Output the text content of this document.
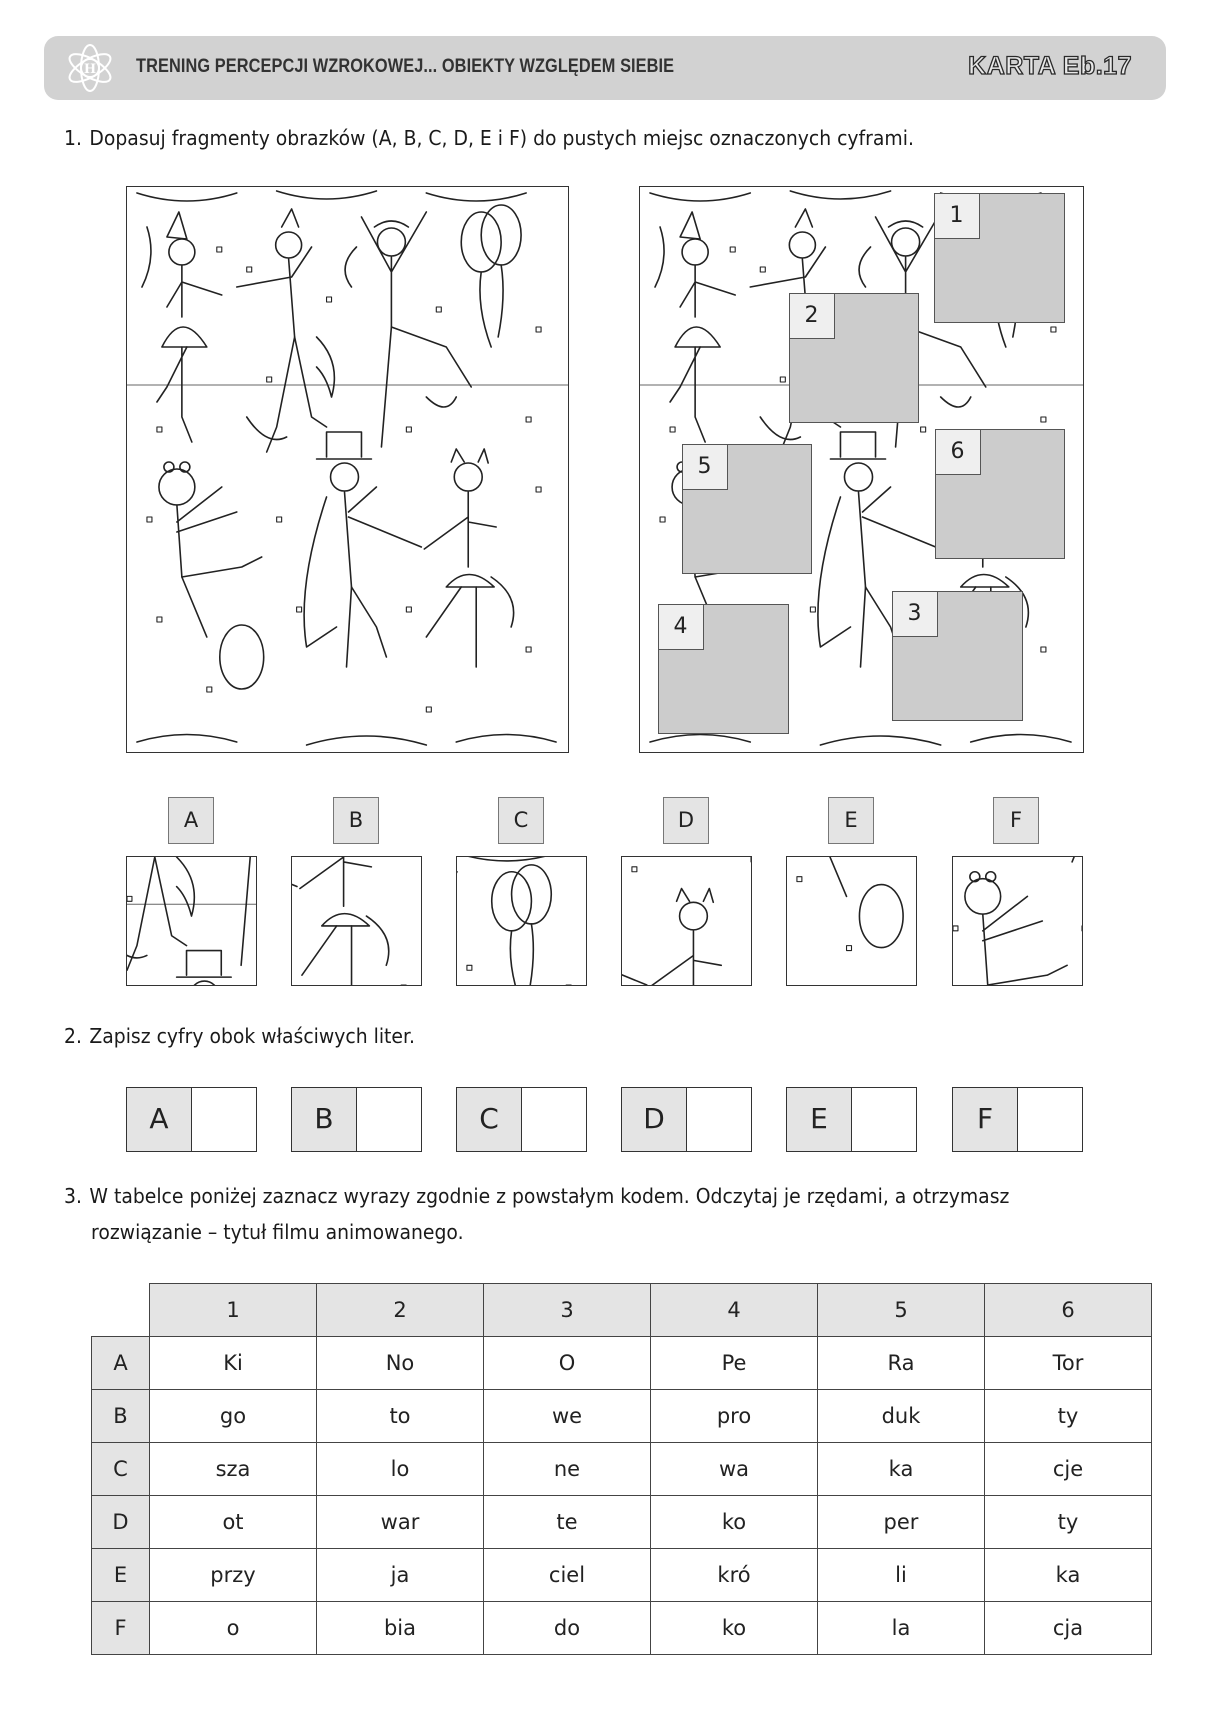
H TRENING PERCEPCJI WZROKOWEJ... OBIEKTY WZGLĘDEM SIEBIE	KARTA Eb.17
1. Dopasuj fragmenty obrazków (A, B, C, D, E i F) do pustych miejsc oznaczonych cyframi.
1
2
3
4
5
6
A	B	C	D	E	F
2. Zapisz cyfry obok właściwych liter.
A	B	C	D	E	F
3. W tabelce poniżej zaznacz wyrazy zgodnie z powstałym kodem. Odczytaj je rzędami, a otrzymasz
rozwiązanie – tytuł filmu animowanego.
	1	2	3	4	5	6
A	Ki	No	O	Pe	Ra	Tor
B	go	to	we	pro	duk	ty
C	sza	lo	ne	wa	ka	cje
D	ot	war	te	ko	per	ty
E	przy	ja	ciel	kró	li	ka
F	o	bia	do	ko	la	cja
